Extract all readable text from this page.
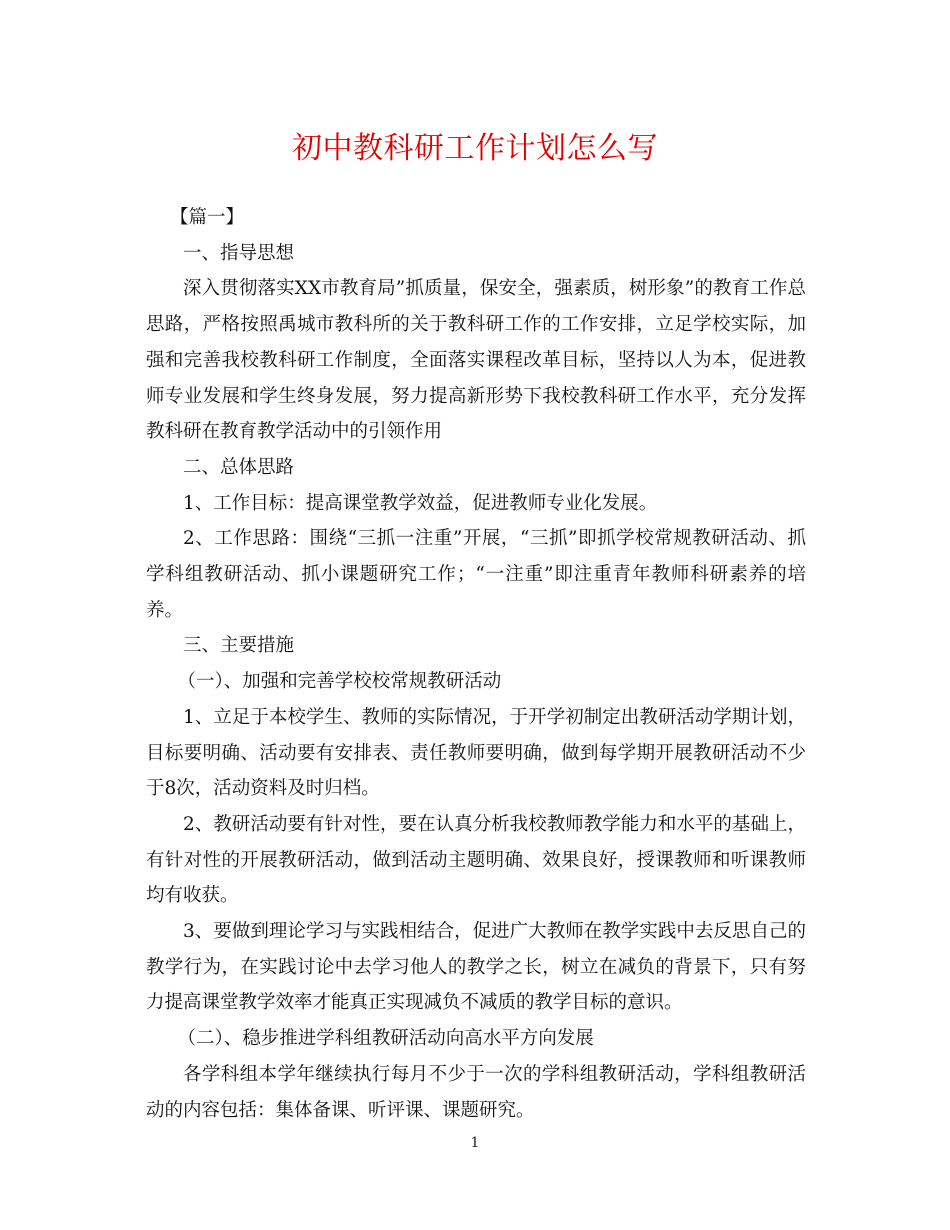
初中教科研工作计划怎么写

【篇一】

一、指导思想

深入贯彻落实XX市教育局”抓质量，保安全，强素质，树形象”的教育工作总思路，严格按照禹城市教科所的关于教科研工作的工作安排，立足学校实际，加强和完善我校教科研工作制度，全面落实课程改革目标，坚持以人为本，促进教师专业发展和学生终身发展，努力提高新形势下我校教科研工作水平，充分发挥教科研在教育教学活动中的引领作用

二、总体思路

1、工作目标：提高课堂教学效益，促进教师专业化发展。

2、工作思路：围绕“三抓一注重”开展，“三抓”即抓学校常规教研活动、抓学科组教研活动、抓小课题研究工作；“一注重”即注重青年教师科研素养的培养。

三、主要措施

（一）、加强和完善学校校常规教研活动

1、立足于本校学生、教师的实际情况，于开学初制定出教研活动学期计划，目标要明确、活动要有安排表、责任教师要明确，做到每学期开展教研活动不少于8次，活动资料及时归档。

2、教研活动要有针对性，要在认真分析我校教师教学能力和水平的基础上，有针对性的开展教研活动，做到活动主题明确、效果良好，授课教师和听课教师均有收获。

3、要做到理论学习与实践相结合，促进广大教师在教学实践中去反思自己的教学行为，在实践讨论中去学习他人的教学之长，树立在减负的背景下，只有努力提高课堂教学效率才能真正实现减负不减质的教学目标的意识。

（二）、稳步推进学科组教研活动向高水平方向发展

各学科组本学年继续执行每月不少于一次的学科组教研活动，学科组教研活动的内容包括：集体备课、听评课、课题研究。

1
